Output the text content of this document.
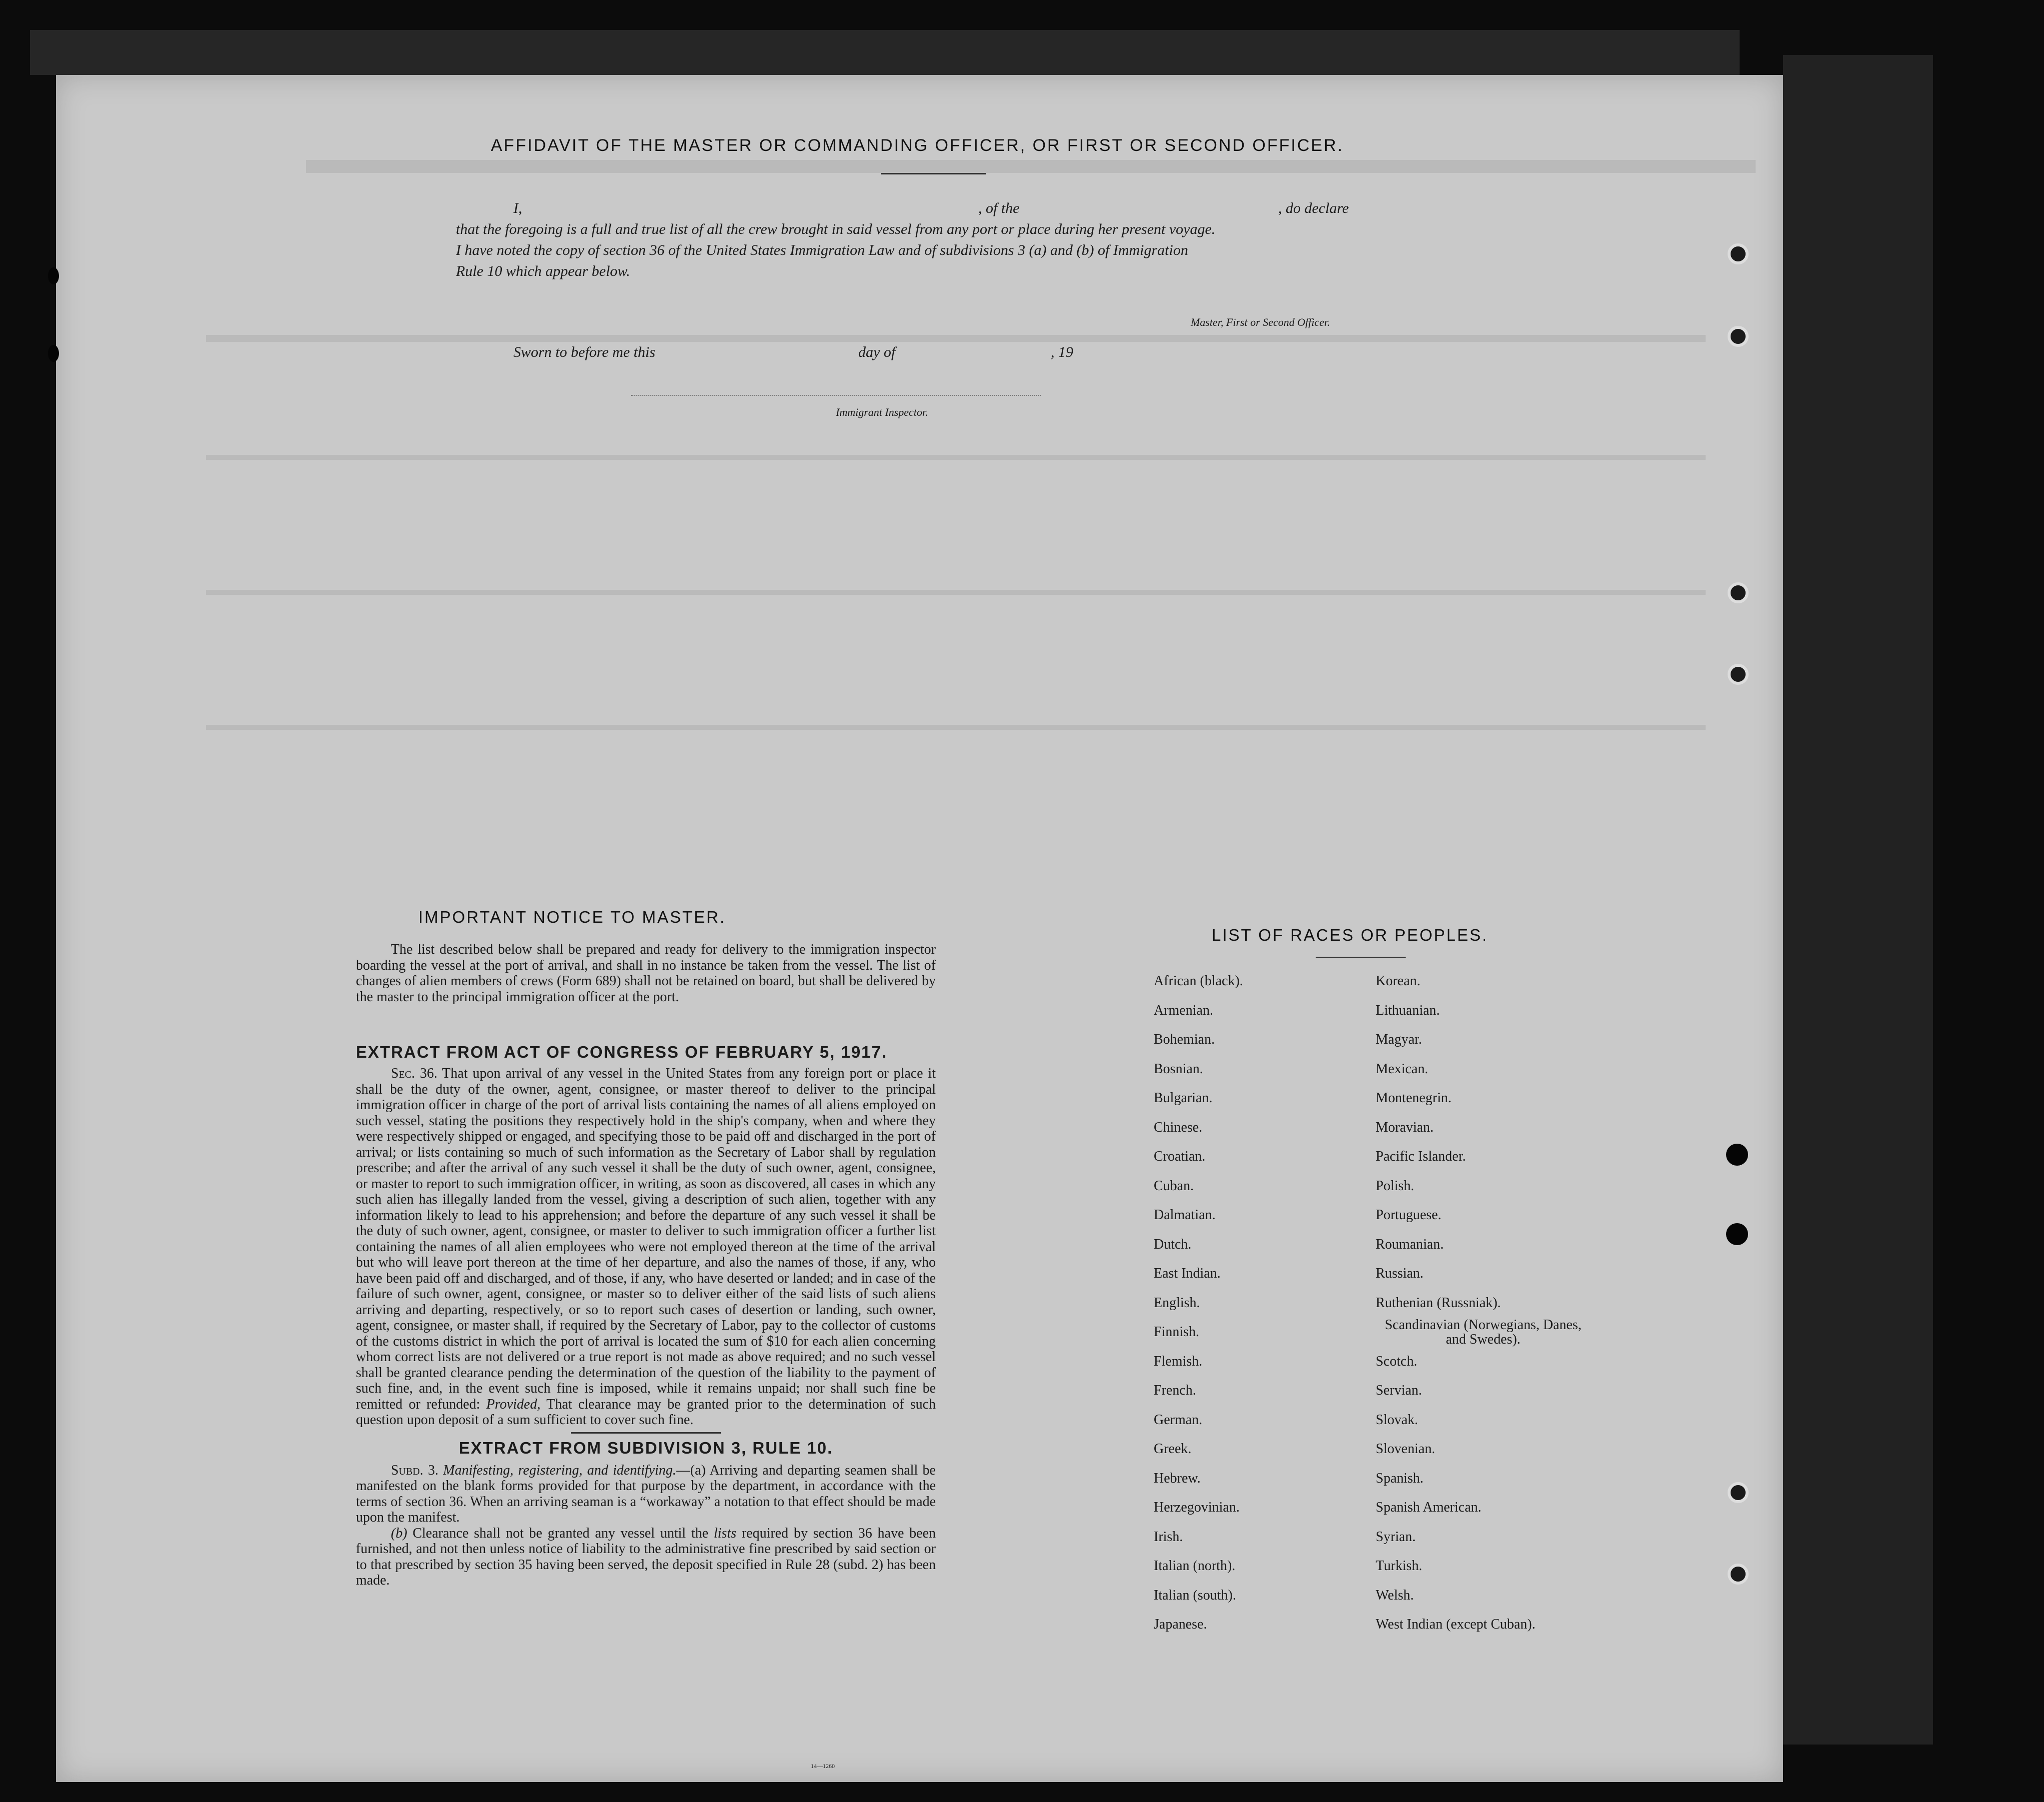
AFFIDAVIT OF THE MASTER OR COMMANDING OFFICER, OR FIRST OR SECOND OFFICER.
I,	, of the	, do declare
that the foregoing is a full and true list of all the crew brought in said vessel from any port or place during her present voyage.
I have noted the copy of section 36 of the United States Immigration Law and of subdivisions 3 (a) and (b) of Immigration
Rule 10 which appear below.
Master, First or Second Officer.
Sworn to before me this	day of	, 19
Immigrant Inspector.
IMPORTANT NOTICE TO MASTER.

The list described below shall be prepared and ready for delivery to the immigration inspector boarding the vessel at the port of arrival, and shall in no instance be taken from the vessel. The list of changes of alien members of crews (Form 689) shall not be retained on board, but shall be delivered by the master to the principal immigration officer at the port.

EXTRACT FROM ACT OF CONGRESS OF FEBRUARY 5, 1917.

Sec. 36. That upon arrival of any vessel in the United States from any foreign port or place it shall be the duty of the owner, agent, consignee, or master thereof to deliver to the principal immigration officer in charge of the port of arrival lists containing the names of all aliens employed on such vessel, stating the positions they respectively hold in the ship's company, when and where they were respectively shipped or engaged, and specifying those to be paid off and discharged in the port of arrival; or lists containing so much of such information as the Secretary of Labor shall by regulation prescribe; and after the arrival of any such vessel it shall be the duty of such owner, agent, consignee, or master to report to such immigration officer, in writing, as soon as discovered, all cases in which any such alien has illegally landed from the vessel, giving a description of such alien, together with any information likely to lead to his apprehension; and before the departure of any such vessel it shall be the duty of such owner, agent, consignee, or master to deliver to such immigration officer a further list containing the names of all alien employees who were not employed thereon at the time of the arrival but who will leave port thereon at the time of her departure, and also the names of those, if any, who have been paid off and discharged, and of those, if any, who have deserted or landed; and in case of the failure of such owner, agent, consignee, or master so to deliver either of the said lists of such aliens arriving and departing, respectively, or so to report such cases of desertion or landing, such owner, agent, consignee, or master shall, if required by the Secretary of Labor, pay to the collector of customs of the customs district in which the port of arrival is located the sum of $10 for each alien concerning whom correct lists are not delivered or a true report is not made as above required; and no such vessel shall be granted clearance pending the determination of the question of the liability to the payment of such fine, and, in the event such fine is imposed, while it remains unpaid; nor shall such fine be remitted or refunded: Provided, That clearance may be granted prior to the determination of such question upon deposit of a sum sufficient to cover such fine.

EXTRACT FROM SUBDIVISION 3, RULE 10.

Subd. 3. Manifesting, registering, and identifying.—(a) Arriving and departing seamen shall be manifested on the blank forms provided for that purpose by the department, in accordance with the terms of section 36. When an arriving seaman is a “workaway” a notation to that effect should be made upon the manifest.
(b) Clearance shall not be granted any vessel until the lists required by section 36 have been furnished, and not then unless notice of liability to the administrative fine prescribed by said section or to that prescribed by section 35 having been served, the deposit specified in Rule 28 (subd. 2) has been made.
14—1260
LIST OF RACES OR PEOPLES.
African (black).
Armenian.
Bohemian.
Bosnian.
Bulgarian.
Chinese.
Croatian.
Cuban.
Dalmatian.
Dutch.
East Indian.
English.
Finnish.
Flemish.
French.
German.
Greek.
Hebrew.
Herzegovinian.
Irish.
Italian (north).
Italian (south).
Japanese.
Korean.
Lithuanian.
Magyar.
Mexican.
Montenegrin.
Moravian.
Pacific Islander.
Polish.
Portuguese.
Roumanian.
Russian.
Ruthenian (Russniak).
Scandinavian (Norwegians, Danes, and Swedes).
Scotch.
Servian.
Slovak.
Slovenian.
Spanish.
Spanish American.
Syrian.
Turkish.
Welsh.
West Indian (except Cuban).
